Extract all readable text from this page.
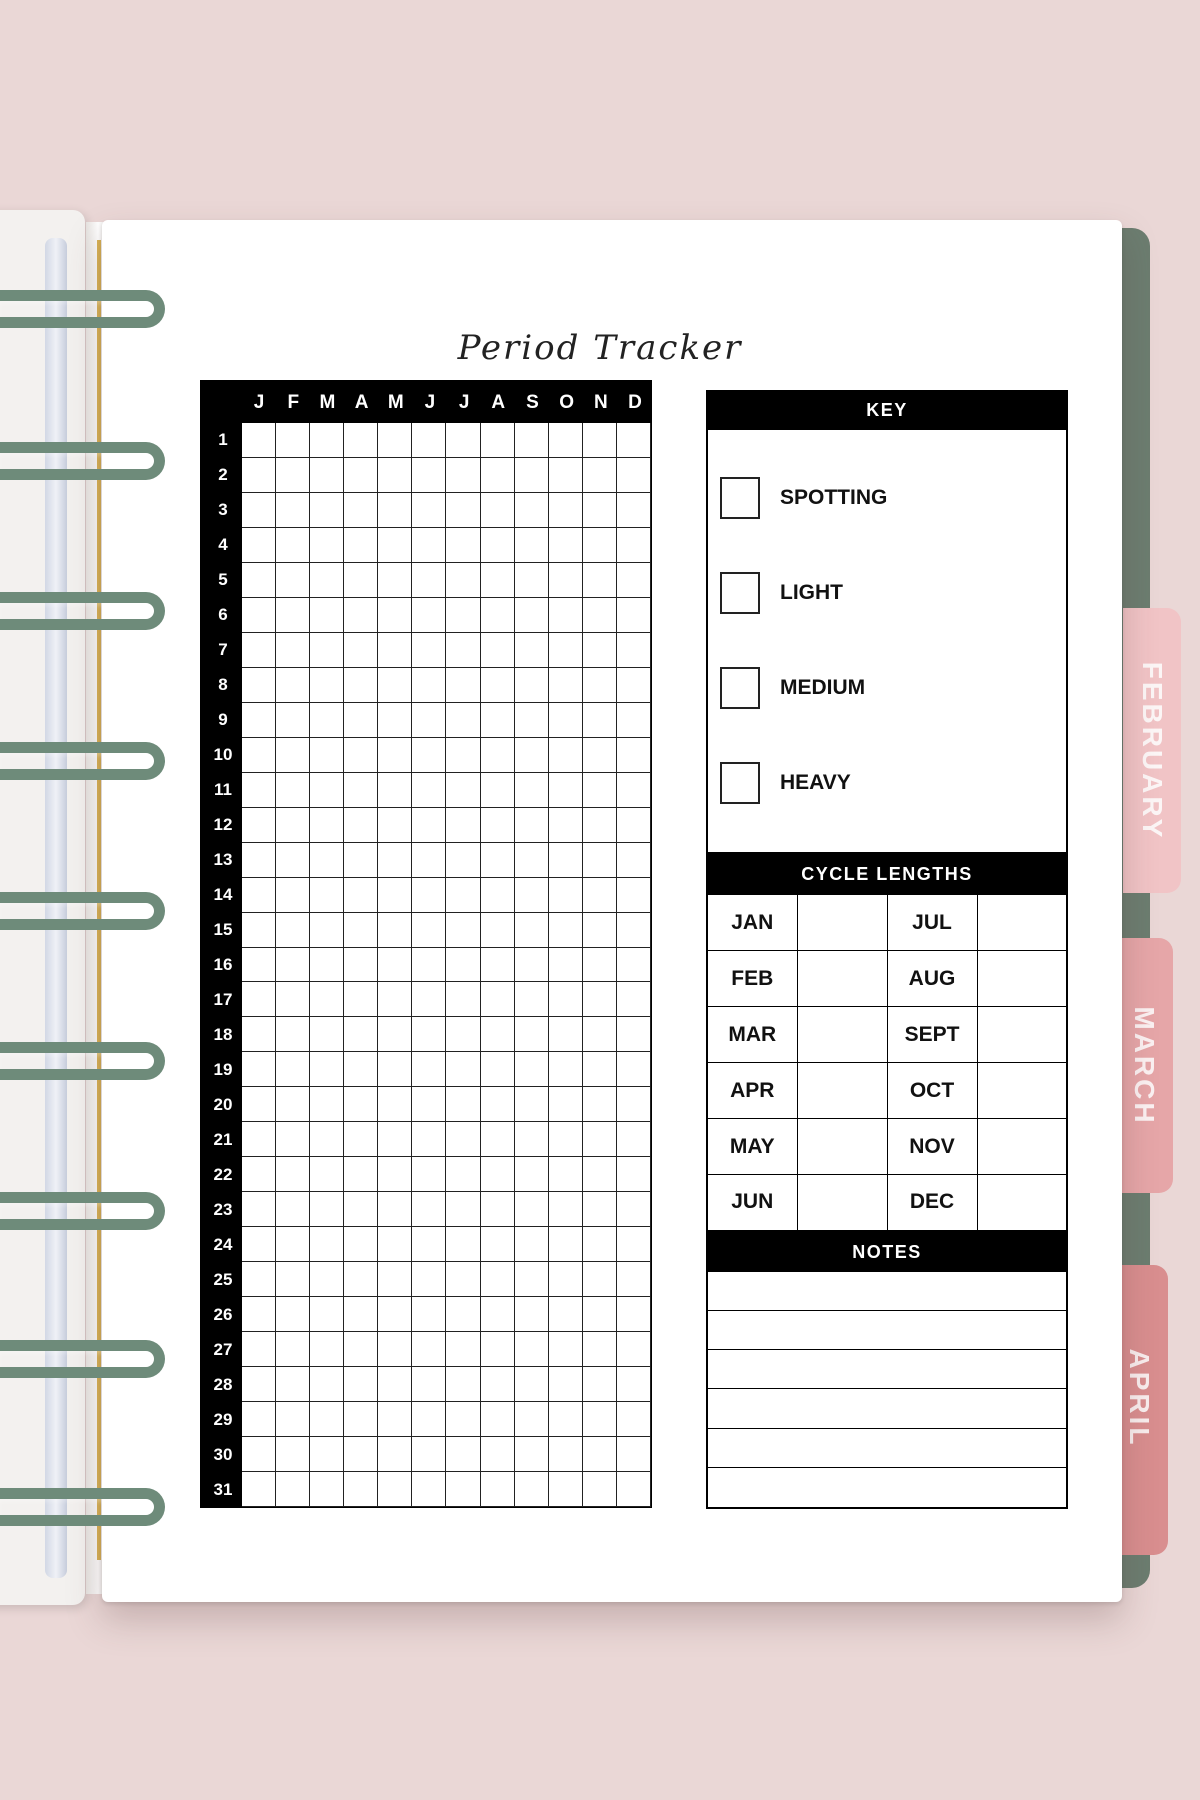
FEBRUARY
MARCH
APRIL
Period Tracker
J	F	M	A	M	J	J	A	S	O	N	D
1
2
3
4
5
6
7
8
9
10
11
12
13
14
15
16
17
18
19
20
21
22
23
24
25
26
27
28
29
30
31
KEY
SPOTTING
LIGHT
MEDIUM
HEAVY
CYCLE LENGTHS
JAN		JUL	
FEB		AUG	
MAR		SEPT	
APR		OCT	
MAY		NOV	
JUN		DEC	
NOTES
